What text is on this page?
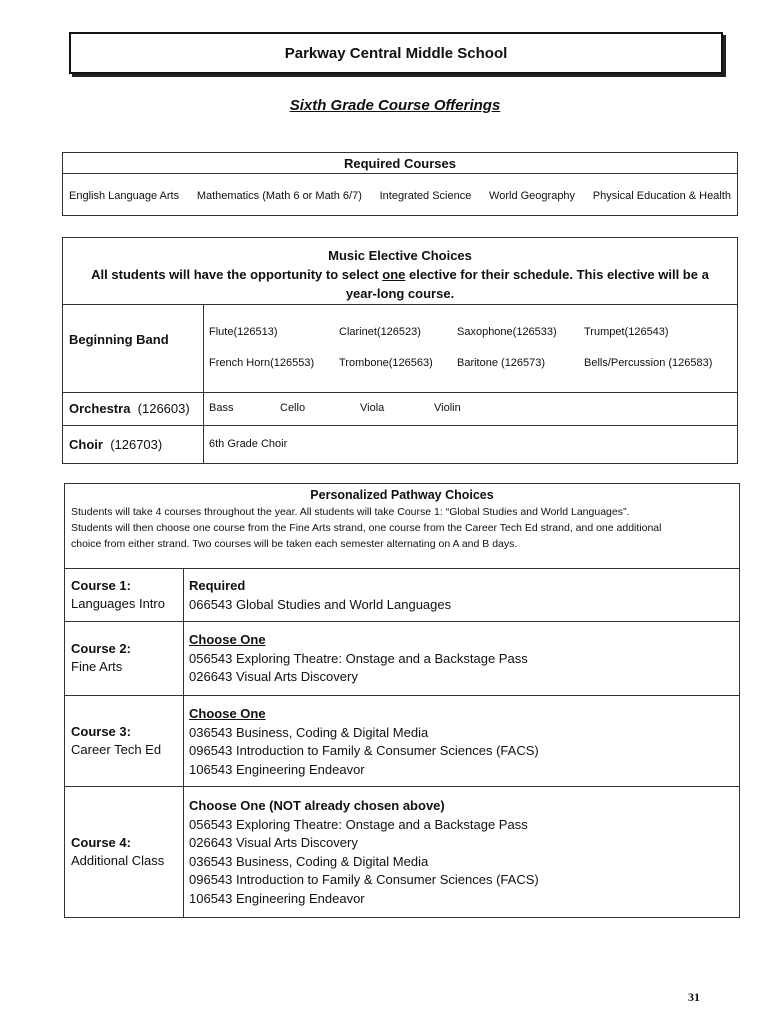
Parkway Central Middle School
Sixth Grade Course Offerings
Required Courses
English Language Arts Mathematics (Math 6 or Math 6/7) Integrated Science World Geography Physical Education & Health
Music Elective Choices
All students will have the opportunity to select one elective for their schedule. This elective will be a year-long course.
Beginning Band	Flute(126513)	Clarinet(126523)	Saxophone(126533) Trumpet(126543)
French Horn(126553) Trombone(126563) Baritone (126573)	Bells/Percussion (126583)
Orchestra (126603) Bass	Cello	Viola	Violin
Choir (126703)	6th Grade Choir
Personalized Pathway Choices
Students will take 4 courses throughout the year. All students will take Course 1: “Global Studies and World Languages”.
Students will then choose one course from the Fine Arts strand, one course from the Career Tech Ed strand, and one additional
choice from either strand. Two courses will be taken each semester alternating on A and B days.
Course 1:
Languages Intro
Required
066543 Global Studies and World Languages
Course 2:
Fine Arts
Choose One
056543 Exploring Theatre: Onstage and a Backstage Pass
026643 Visual Arts Discovery
Course 3:
Career Tech Ed
Choose One
036543 Business, Coding & Digital Media
096543 Introduction to Family & Consumer Sciences (FACS)
106543 Engineering Endeavor
Course 4:
Additional Class
Choose One (NOT already chosen above)
056543 Exploring Theatre: Onstage and a Backstage Pass
026643 Visual Arts Discovery
036543 Business, Coding & Digital Media
096543 Introduction to Family & Consumer Sciences (FACS)
106543 Engineering Endeavor
31
